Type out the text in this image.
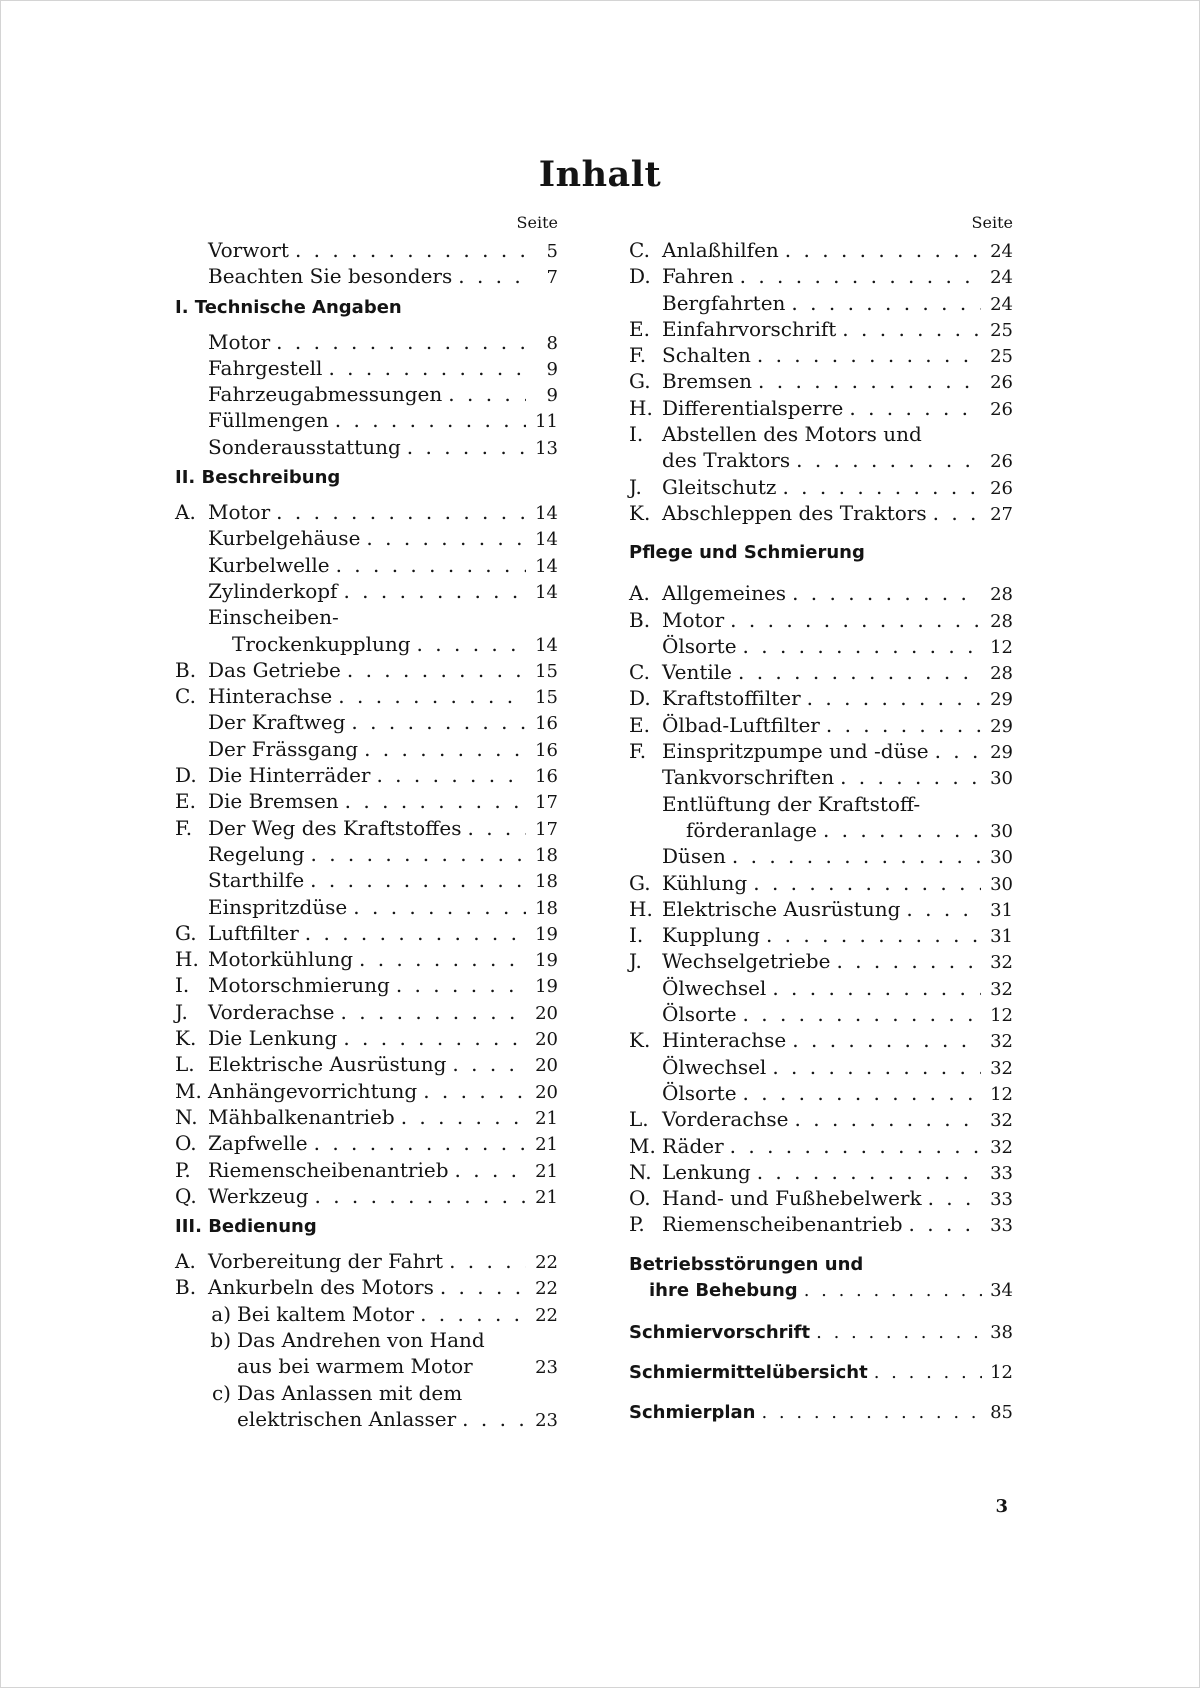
Inhalt
Seite
Vorwort . . .	5
Beachten Sie besonders . . .	7
I. Technische Angaben
Motor . . .	8
Fahrgestell . . .	9
Fahrzeugabmessungen . . .	9
Füllmengen . . .	11
Sonderausstattung . . .	13
II. Beschreibung
A. Motor . . .	14
Kurbelgehäuse . . .	14
Kurbelwelle . . .	14
Zylinderkopf . . .	14
Einscheiben-
Trockenkupplung . . .	14
B. Das Getriebe . . .	15
C. Hinterachse . . .	15
Der Kraftweg . . .	16
Der Frässgang . . .	16
D. Die Hinterräder . . .	16
E. Die Bremsen . . .	17
F. Der Weg des Kraftstoffes . . .	17
Regelung . . .	18
Starthilfe . . .	18
Einspritzdüse . . .	18
G. Luftfilter . . .	19
H. Motorkühlung . . .	19
I. Motorschmierung . . .	19
J.	Vorderachse . . .	20
K. Die Lenkung . . .	20
L. Elektrische Ausrüstung . . .	20
M. Anhängevorrichtung . . .	20
N. Mähbalkenantrieb . . .	21
O. Zapfwelle . . .	21
P. Riemenscheibenantrieb . . .	21
Q. Werkzeug . . .	21
III. Bedienung
A. Vorbereitung der Fahrt . . .	22
B. Ankurbeln des Motors . . .	22
a) Bei kaltem Motor . . .	22
b) Das Andrehen von Hand
aus bei warmem Motor	23
c) Das Anlassen mit dem
elektrischen Anlasser . . .	23
Seite
C. Anlaßhilfen . . .	24
D. Fahren . . .	24
Bergfahrten . . .	24
E. Einfahrvorschrift . . .	25
F. Schalten . . .	25
G. Bremsen . . .	26
H. Differentialsperre . . .	26
I. Abstellen des Motors und
des Traktors . . .	26
J.	Gleitschutz . . .	26
K. Abschleppen des Traktors . . .	27
Pflege und Schmierung
A. Allgemeines . . .	28
B. Motor . . .	28
Ölsorte . . .	12
C. Ventile . . .	28
D. Kraftstoffilter . . .	29
E. Ölbad-Luftfilter . . .	29
F. Einspritzpumpe und -düse . . .	29
Tankvorschriften . . .	30
Entlüftung der Kraftstoff-
förderanlage . . .	30
Düsen . . .	30
G. Kühlung . . .	30
H. Elektrische Ausrüstung . . .	31
I. Kupplung . . .	31
J.	Wechselgetriebe . . .	32
Ölwechsel . . .	32
Ölsorte . . .	12
K. Hinterachse . . .	32
Ölwechsel . . .	32
Ölsorte . . .	12
L. Vorderachse . . .	32
M. Räder . . .	32
N. Lenkung . . .	33
O. Hand- und Fußhebelwerk . . .	33
P. Riemenscheibenantrieb . . .	33
Betriebsstörungen und
ihre Behebung . . .	34
Schmiervorschrift . . .	38
Schmiermittelübersicht . . .	12
Schmierplan . . .	85
3
